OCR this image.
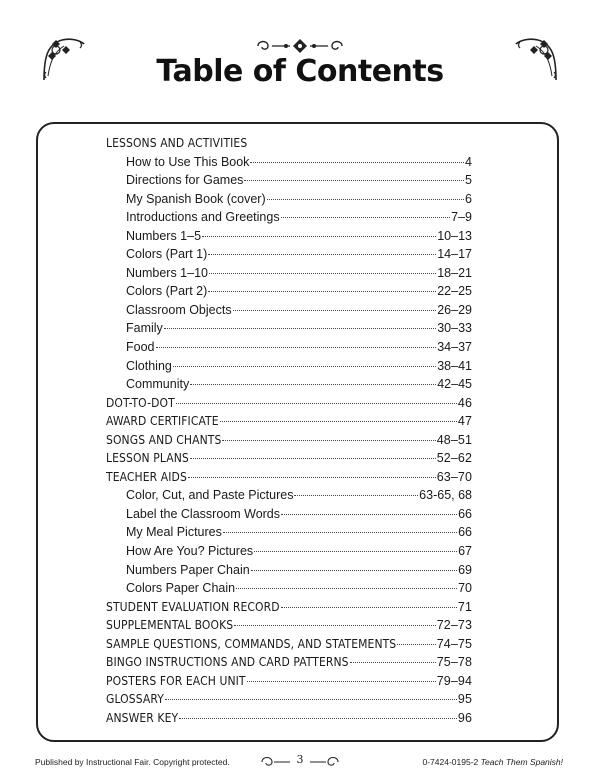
Table of Contents
LESSONS AND ACTIVITIES
How to Use This Book	4
Directions for Games	5
My Spanish Book (cover)	6
Introductions and Greetings	7–9
Numbers 1–5	10–13
Colors (Part 1)	14–17
Numbers 1–10	18–21
Colors (Part 2)	22–25
Classroom Objects	26–29
Family	30–33
Food	34–37
Clothing	38–41
Community	42–45
DOT-TO-DOT	46
AWARD CERTIFICATE	47
SONGS AND CHANTS	48–51
LESSON PLANS	52–62
TEACHER AIDS	63–70
Color, Cut, and Paste Pictures	63-65, 68
Label the Classroom Words	66
My Meal Pictures	66
How Are You? Pictures	67
Numbers Paper Chain	69
Colors Paper Chain	70
STUDENT EVALUATION RECORD	71
SUPPLEMENTAL BOOKS	72–73
SAMPLE QUESTIONS, COMMANDS, AND STATEMENTS	74–75
BINGO INSTRUCTIONS AND CARD PATTERNS	75–78
POSTERS FOR EACH UNIT	79–94
GLOSSARY	95
ANSWER KEY	96
Published by Instructional Fair. Copyright protected.	3	0-7424-0195-2 Teach Them Spanish!
